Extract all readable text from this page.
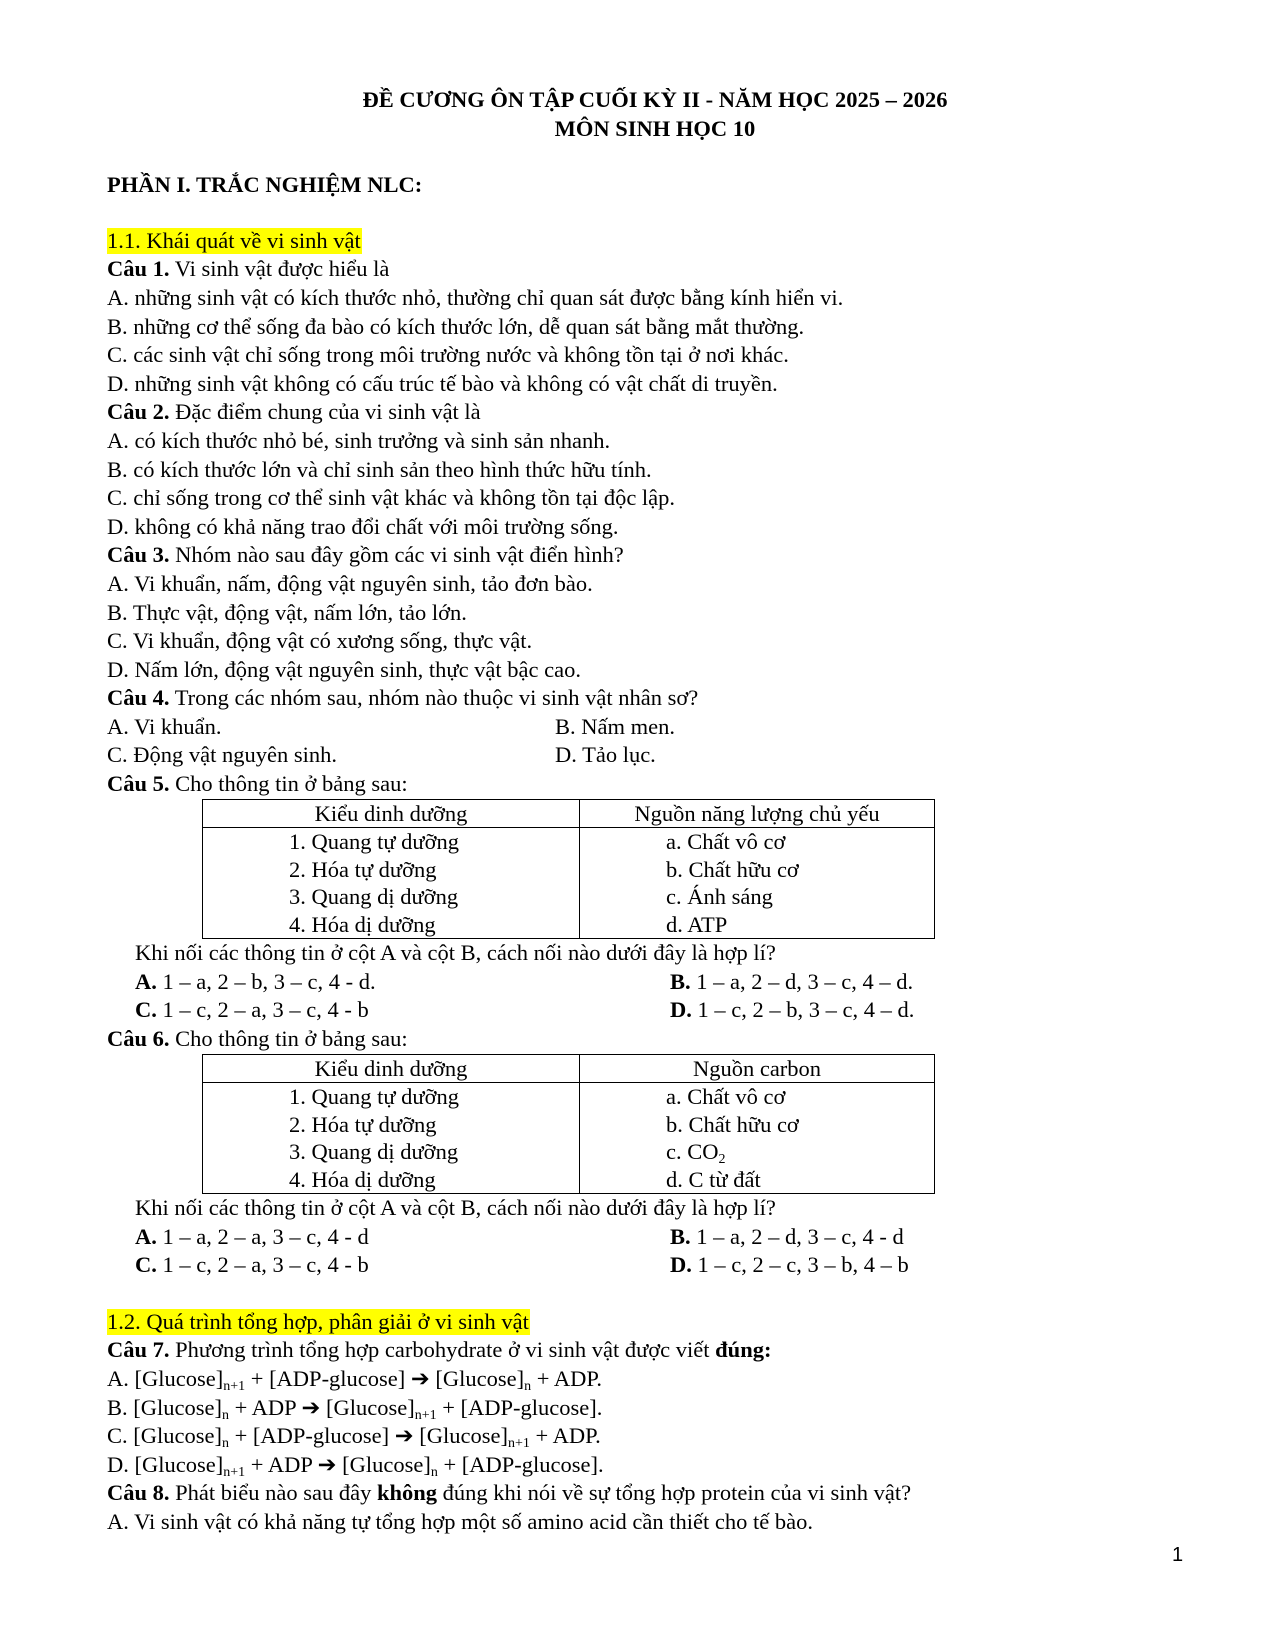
ĐỀ CƯƠNG ÔN TẬP CUỐI KỲ II - NĂM HỌC 2025 – 2026
MÔN SINH HỌC 10
PHẦN I. TRẮC NGHIỆM NLC:
1.1. Khái quát về vi sinh vật
Câu 1. Vi sinh vật được hiểu là
A. những sinh vật có kích thước nhỏ, thường chỉ quan sát được bằng kính hiển vi.
B. những cơ thể sống đa bào có kích thước lớn, dễ quan sát bằng mắt thường.
C. các sinh vật chỉ sống trong môi trường nước và không tồn tại ở nơi khác.
D. những sinh vật không có cấu trúc tế bào và không có vật chất di truyền.
Câu 2. Đặc điểm chung của vi sinh vật là
A. có kích thước nhỏ bé, sinh trưởng và sinh sản nhanh.
B. có kích thước lớn và chỉ sinh sản theo hình thức hữu tính.
C. chỉ sống trong cơ thể sinh vật khác và không tồn tại độc lập.
D. không có khả năng trao đổi chất với môi trường sống.
Câu 3. Nhóm nào sau đây gồm các vi sinh vật điển hình?
A. Vi khuẩn, nấm, động vật nguyên sinh, tảo đơn bào.
B. Thực vật, động vật, nấm lớn, tảo lớn.
C. Vi khuẩn, động vật có xương sống, thực vật.
D. Nấm lớn, động vật nguyên sinh, thực vật bậc cao.
Câu 4. Trong các nhóm sau, nhóm nào thuộc vi sinh vật nhân sơ?
A. Vi khuẩn.	B. Nấm men.
C. Động vật nguyên sinh.	D. Tảo lục.
Câu 5. Cho thông tin ở bảng sau:
Kiểu dinh dưỡng	Nguồn năng lượng chủ yếu
1. Quang tự dưỡng	a. Chất vô cơ
2. Hóa tự dưỡng	b. Chất hữu cơ
3. Quang dị dưỡng	c. Ánh sáng
4. Hóa dị dưỡng	d. ATP
Khi nối các thông tin ở cột A và cột B, cách nối nào dưới đây là hợp lí?
A. 1 – a, 2 – b, 3 – c, 4 - d.	B. 1 – a, 2 – d, 3 – c, 4 – d.
C. 1 – c, 2 – a, 3 – c, 4 - b	D. 1 – c, 2 – b, 3 – c, 4 – d.
Câu 6. Cho thông tin ở bảng sau:
Kiểu dinh dưỡng	Nguồn carbon
1. Quang tự dưỡng	a. Chất vô cơ
2. Hóa tự dưỡng	b. Chất hữu cơ
3. Quang dị dưỡng	c. $CO_2$
4. Hóa dị dưỡng	d. C từ đất
Khi nối các thông tin ở cột A và cột B, cách nối nào dưới đây là hợp lí?
A. 1 – a, 2 – a, 3 – c, 4 - d	B. 1 – a, 2 – d, 3 – c, 4 - d
C. 1 – c, 2 – a, 3 – c, 4 - b	D. 1 – c, 2 – c, 3 – b, 4 – b
1.2. Quá trình tổng hợp, phân giải ở vi sinh vật
Câu 7. Phương trình tổng hợp carbohydrate ở vi sinh vật được viết đúng:
A. $[Glucose]_{n+1} + [ADP-glucose]$ ➔ $[Glucose]_n$ + ADP.
B. $[Glucose]_n$ + ADP ➔ $[Glucose]_{n+1} + [ADP-glucose]$.
C. $[Glucose]_n + [ADP-glucose]$ ➔ $[Glucose]_{n+1}$ + ADP.
D. $[Glucose]_{n+1}$ + ADP ➔ $[Glucose]_n + [ADP-glucose]$.
Câu 8. Phát biểu nào sau đây không đúng khi nói về sự tổng hợp protein của vi sinh vật?
A. Vi sinh vật có khả năng tự tổng hợp một số amino acid cần thiết cho tế bào.
1
